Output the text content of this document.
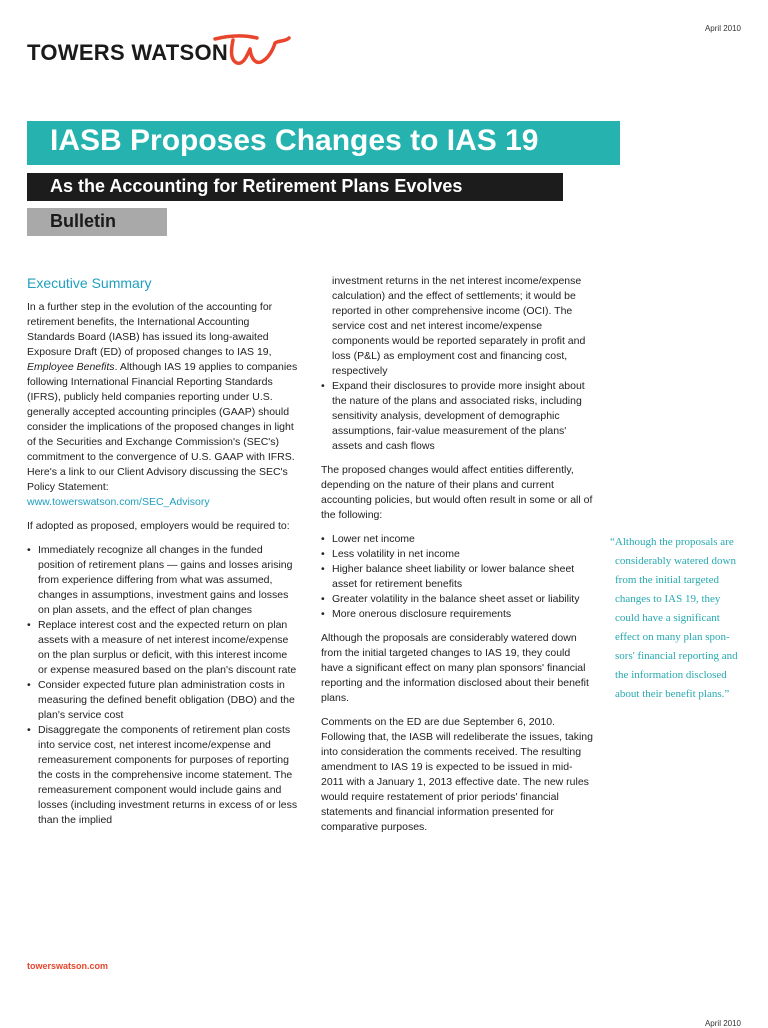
April 2010
TOWERS WATSON
IASB Proposes Changes to IAS 19
As the Accounting for Retirement Plans Evolves
Bulletin
Executive Summary

In a further step in the evolution of the accounting for retirement benefits, the International Accounting Standards Board (IASB) has issued its long-awaited Exposure Draft (ED) of proposed changes to IAS 19, Employee Benefits. Although IAS 19 applies to companies following International Financial Reporting Standards (IFRS), publicly held companies reporting under U.S. generally accepted accounting principles (GAAP) should consider the implications of the proposed changes in light of the Securities and Exchange Commission's (SEC's) commitment to the convergence of U.S. GAAP with IFRS. Here's a link to our Client Advisory discussing the SEC's Policy Statement:
www.towerswatson.com/SEC_Advisory

If adopted as proposed, employers would be required to:

• Immediately recognize all changes in the funded position of retirement plans — gains and losses arising from experience differing from what was assumed, changes in assumptions, investment gains and losses on plan assets, and the effect of plan changes
• Replace interest cost and the expected return on plan assets with a measure of net interest income/expense on the plan surplus or deficit, with this interest income or expense measured based on the plan's discount rate
• Consider expected future plan administration costs in measuring the defined benefit obligation (DBO) and the plan's service cost
• Disaggregate the components of retirement plan costs into service cost, net interest income/expense and remeasurement components for purposes of reporting the costs in the comprehensive income statement. The remeasurement component would include gains and losses (including investment returns in excess of or less than the implied

investment returns in the net interest income/expense calculation) and the effect of settlements; it would be reported in other comprehensive income (OCI). The service cost and net interest income/expense components would be reported separately in profit and loss (P&L) as employment cost and financing cost, respectively

• Expand their disclosures to provide more insight about the nature of the plans and associated risks, including sensitivity analysis, development of demographic assumptions, fair-value measurement of the plans' assets and cash flows

The proposed changes would affect entities differently, depending on the nature of their plans and current accounting policies, but would often result in some or all of the following:

• Lower net income
• Less volatility in net income
• Higher balance sheet liability or lower balance sheet asset for retirement benefits
• Greater volatility in the balance sheet asset or liability
• More onerous disclosure requirements

Although the proposals are considerably watered down from the initial targeted changes to IAS 19, they could have a significant effect on many plan sponsors' financial reporting and the information disclosed about their benefit plans.

Comments on the ED are due September 6, 2010. Following that, the IASB will redeliberate the issues, taking into consideration the comments received. The resulting amendment to IAS 19 is expected to be issued in mid-2011 with a January 1, 2013 effective date. The new rules would require restatement of prior periods' financial statements and financial information presented for comparative purposes.

“Although the proposals are
considerably watered down
from the initial targeted
changes to IAS 19, they
could have a significant
effect on many plan spon-
sors' financial reporting and
the information disclosed
about their benefit plans.”
towerswatson.com
April 2010
